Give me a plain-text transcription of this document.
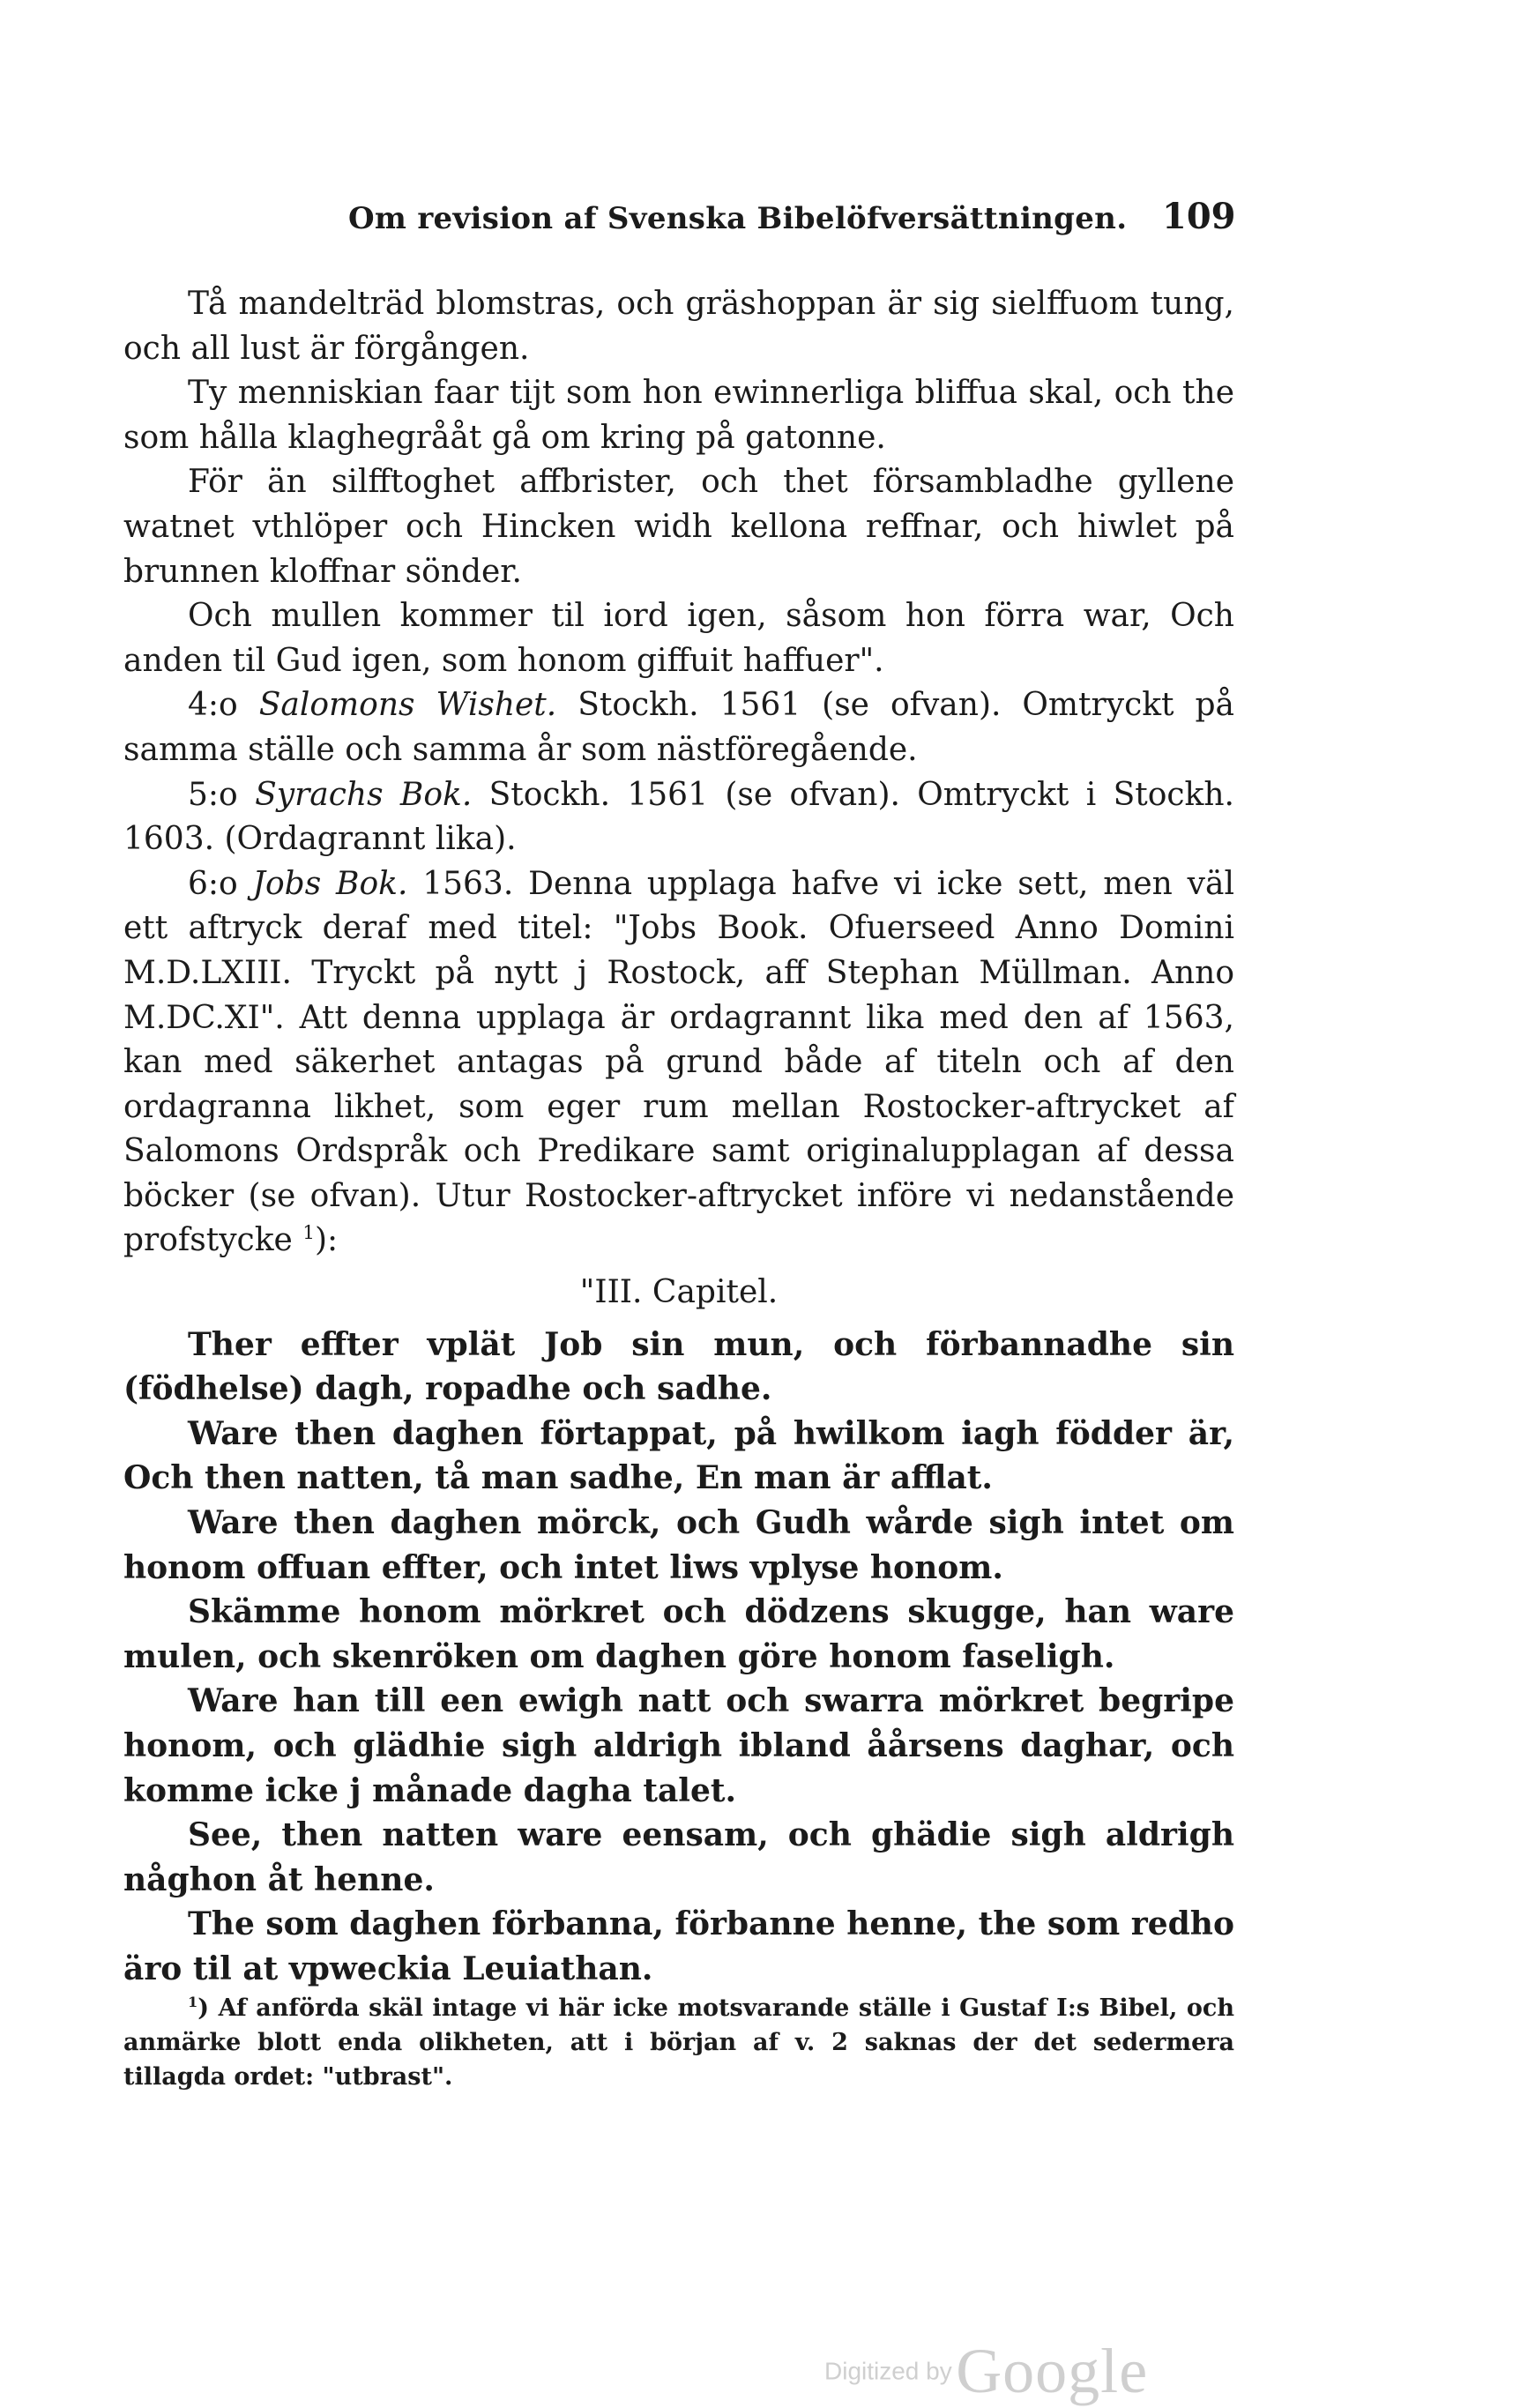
Om revision af Svenska Bibelöfversättningen. 109

Tå mandelträd blomstras, och gräshoppan är sig sielffuom tung, och all lust är förgången.

Ty menniskian faar tijt som hon ewinnerliga bliffua skal, och the som hålla klaghegrååt gå om kring på gatonne.

För än silfftoghet affbrister, och thet försambladhe gyllene watnet vthlöper och Hincken widh kellona reffnar, och hiwlet på brunnen kloffnar sönder.

Och mullen kommer til iord igen, såsom hon förra war, Och anden til Gud igen, som honom giffuit haffuer".

4:o Salomons Wishet. Stockh. 1561 (se ofvan). Omtryckt på samma ställe och samma år som nästföregående.

5:o Syrachs Bok. Stockh. 1561 (se ofvan). Omtryckt i Stockh. 1603. (Ordagrannt lika).

6:o Jobs Bok. 1563. Denna upplaga hafve vi icke sett, men väl ett aftryck deraf med titel: "Jobs Book. Ofuerseed Anno Domini M.D.LXIII. Tryckt på nytt j Rostock, aff Stephan Müllman. Anno M.DC.XI". Att denna upplaga är ordagrannt lika med den af 1563, kan med säkerhet antagas på grund både af titeln och af den ordagranna likhet, som eger rum mellan Rostocker-aftrycket af Salomons Ordspråk och Predikare samt originalupplagan af dessa böcker (se ofvan). Utur Rostocker-aftrycket införe vi nedanstående profstycke $^1$):

"III. Capitel.

Ther effter vplät Job sin mun, och förbannadhe sin (födhelse) dagh, ropadhe och sadhe.

Ware then daghen förtappat, på hwilkom iagh födder är, Och then natten, tå man sadhe, En man är afflat.

Ware then daghen mörck, och Gudh wårde sigh intet om honom offuan effter, och intet liws vplyse honom.

Skämme honom mörkret och dödzens skugge, han ware mulen, och skenröken om daghen göre honom faseligh.

Ware han till een ewigh natt och swarra mörkret begripe honom, och glädhie sigh aldrigh ibland åårsens daghar, och komme icke j månade dagha talet.

See, then natten ware eensam, och ghädie sigh aldrigh någhon åt henne.

The som daghen förbanna, förbanne henne, the som redho äro til at vpweckia Leuiathan.

$^1$) Af anförda skäl intage vi här icke motsvarande ställe i Gustaf I:s Bibel, och anmärke blott enda olikheten, att i början af v. 2 saknas der det sedermera tillagda ordet: "utbrast".

Digitized by Google
